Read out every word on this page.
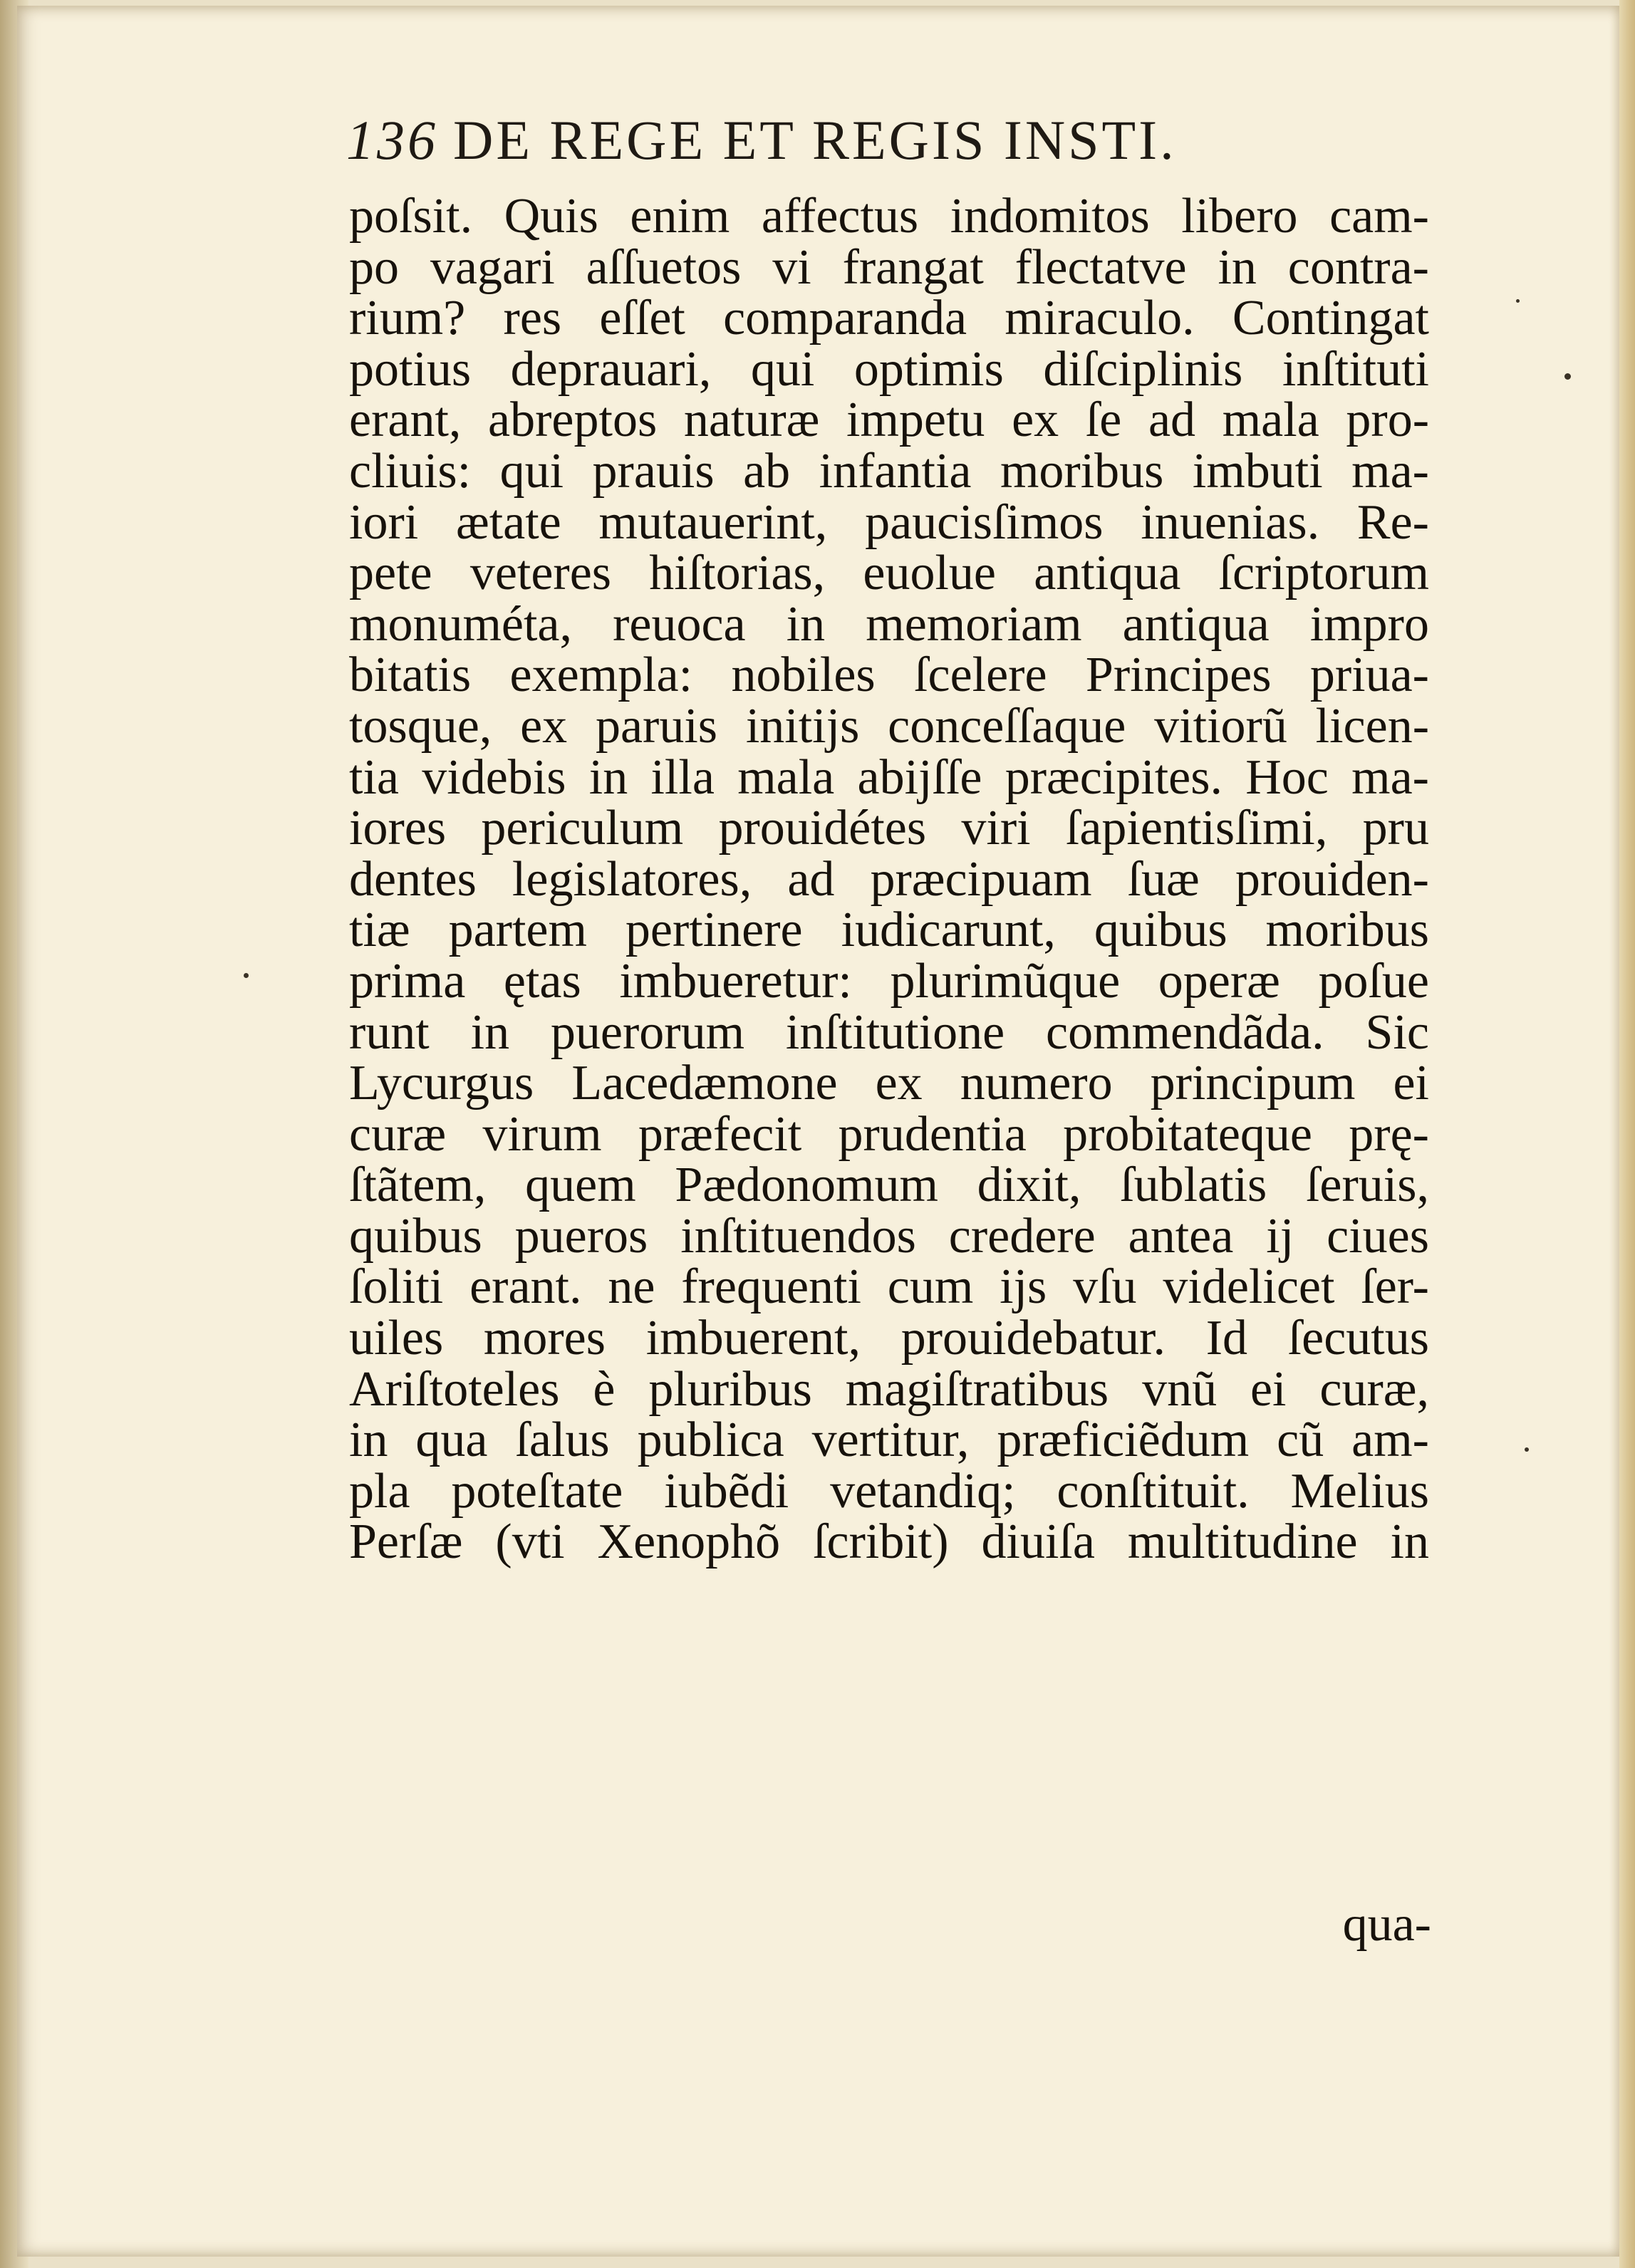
136 DE REGE ET REGIS INSTI.
poſsit. Quis enim affectus indomitos libero cam-
po vagari aſſuetos vi frangat flectatve in contra-
rium? res eſſet comparanda miraculo. Contingat
potius deprauari, qui optimis diſciplinis inſtituti
erant, abreptos naturæ impetu ex ſe ad mala pro-
cliuis: qui prauis ab infantia moribus imbuti ma-
iori ætate mutauerint, paucisſimos inuenias. Re-
pete veteres hiſtorias, euolue antiqua ſcriptorum
monuméta, reuoca in memoriam antiqua impro
bitatis exempla: nobiles ſcelere Principes priua-
tosque, ex paruis initijs conceſſaque vitiorũ licen-
tia videbis in illa mala abijſſe præcipites. Hoc ma-
iores periculum prouidétes viri ſapientisſimi, pru
dentes legislatores, ad præcipuam ſuæ prouiden-
tiæ partem pertinere iudicarunt, quibus moribus
prima ętas imbueretur: plurimũque operæ poſue
runt in puerorum inſtitutione commendãda. Sic
Lycurgus Lacedæmone ex numero principum ei
curæ virum præfecit prudentia probitateque prę-
ſtãtem, quem Pædonomum dixit, ſublatis ſeruis,
quibus pueros inſtituendos credere antea ij ciues
ſoliti erant. ne frequenti cum ijs vſu videlicet ſer-
uiles mores imbuerent, prouidebatur. Id ſecutus
Ariſtoteles è pluribus magiſtratibus vnũ ei curæ,
in qua ſalus publica vertitur, præficiẽdum cũ am-
pla poteſtate iubẽdi vetandiq; conſtituit. Melius
Perſæ (vti Xenophõ ſcribit) diuiſa multitudine in
qua-
